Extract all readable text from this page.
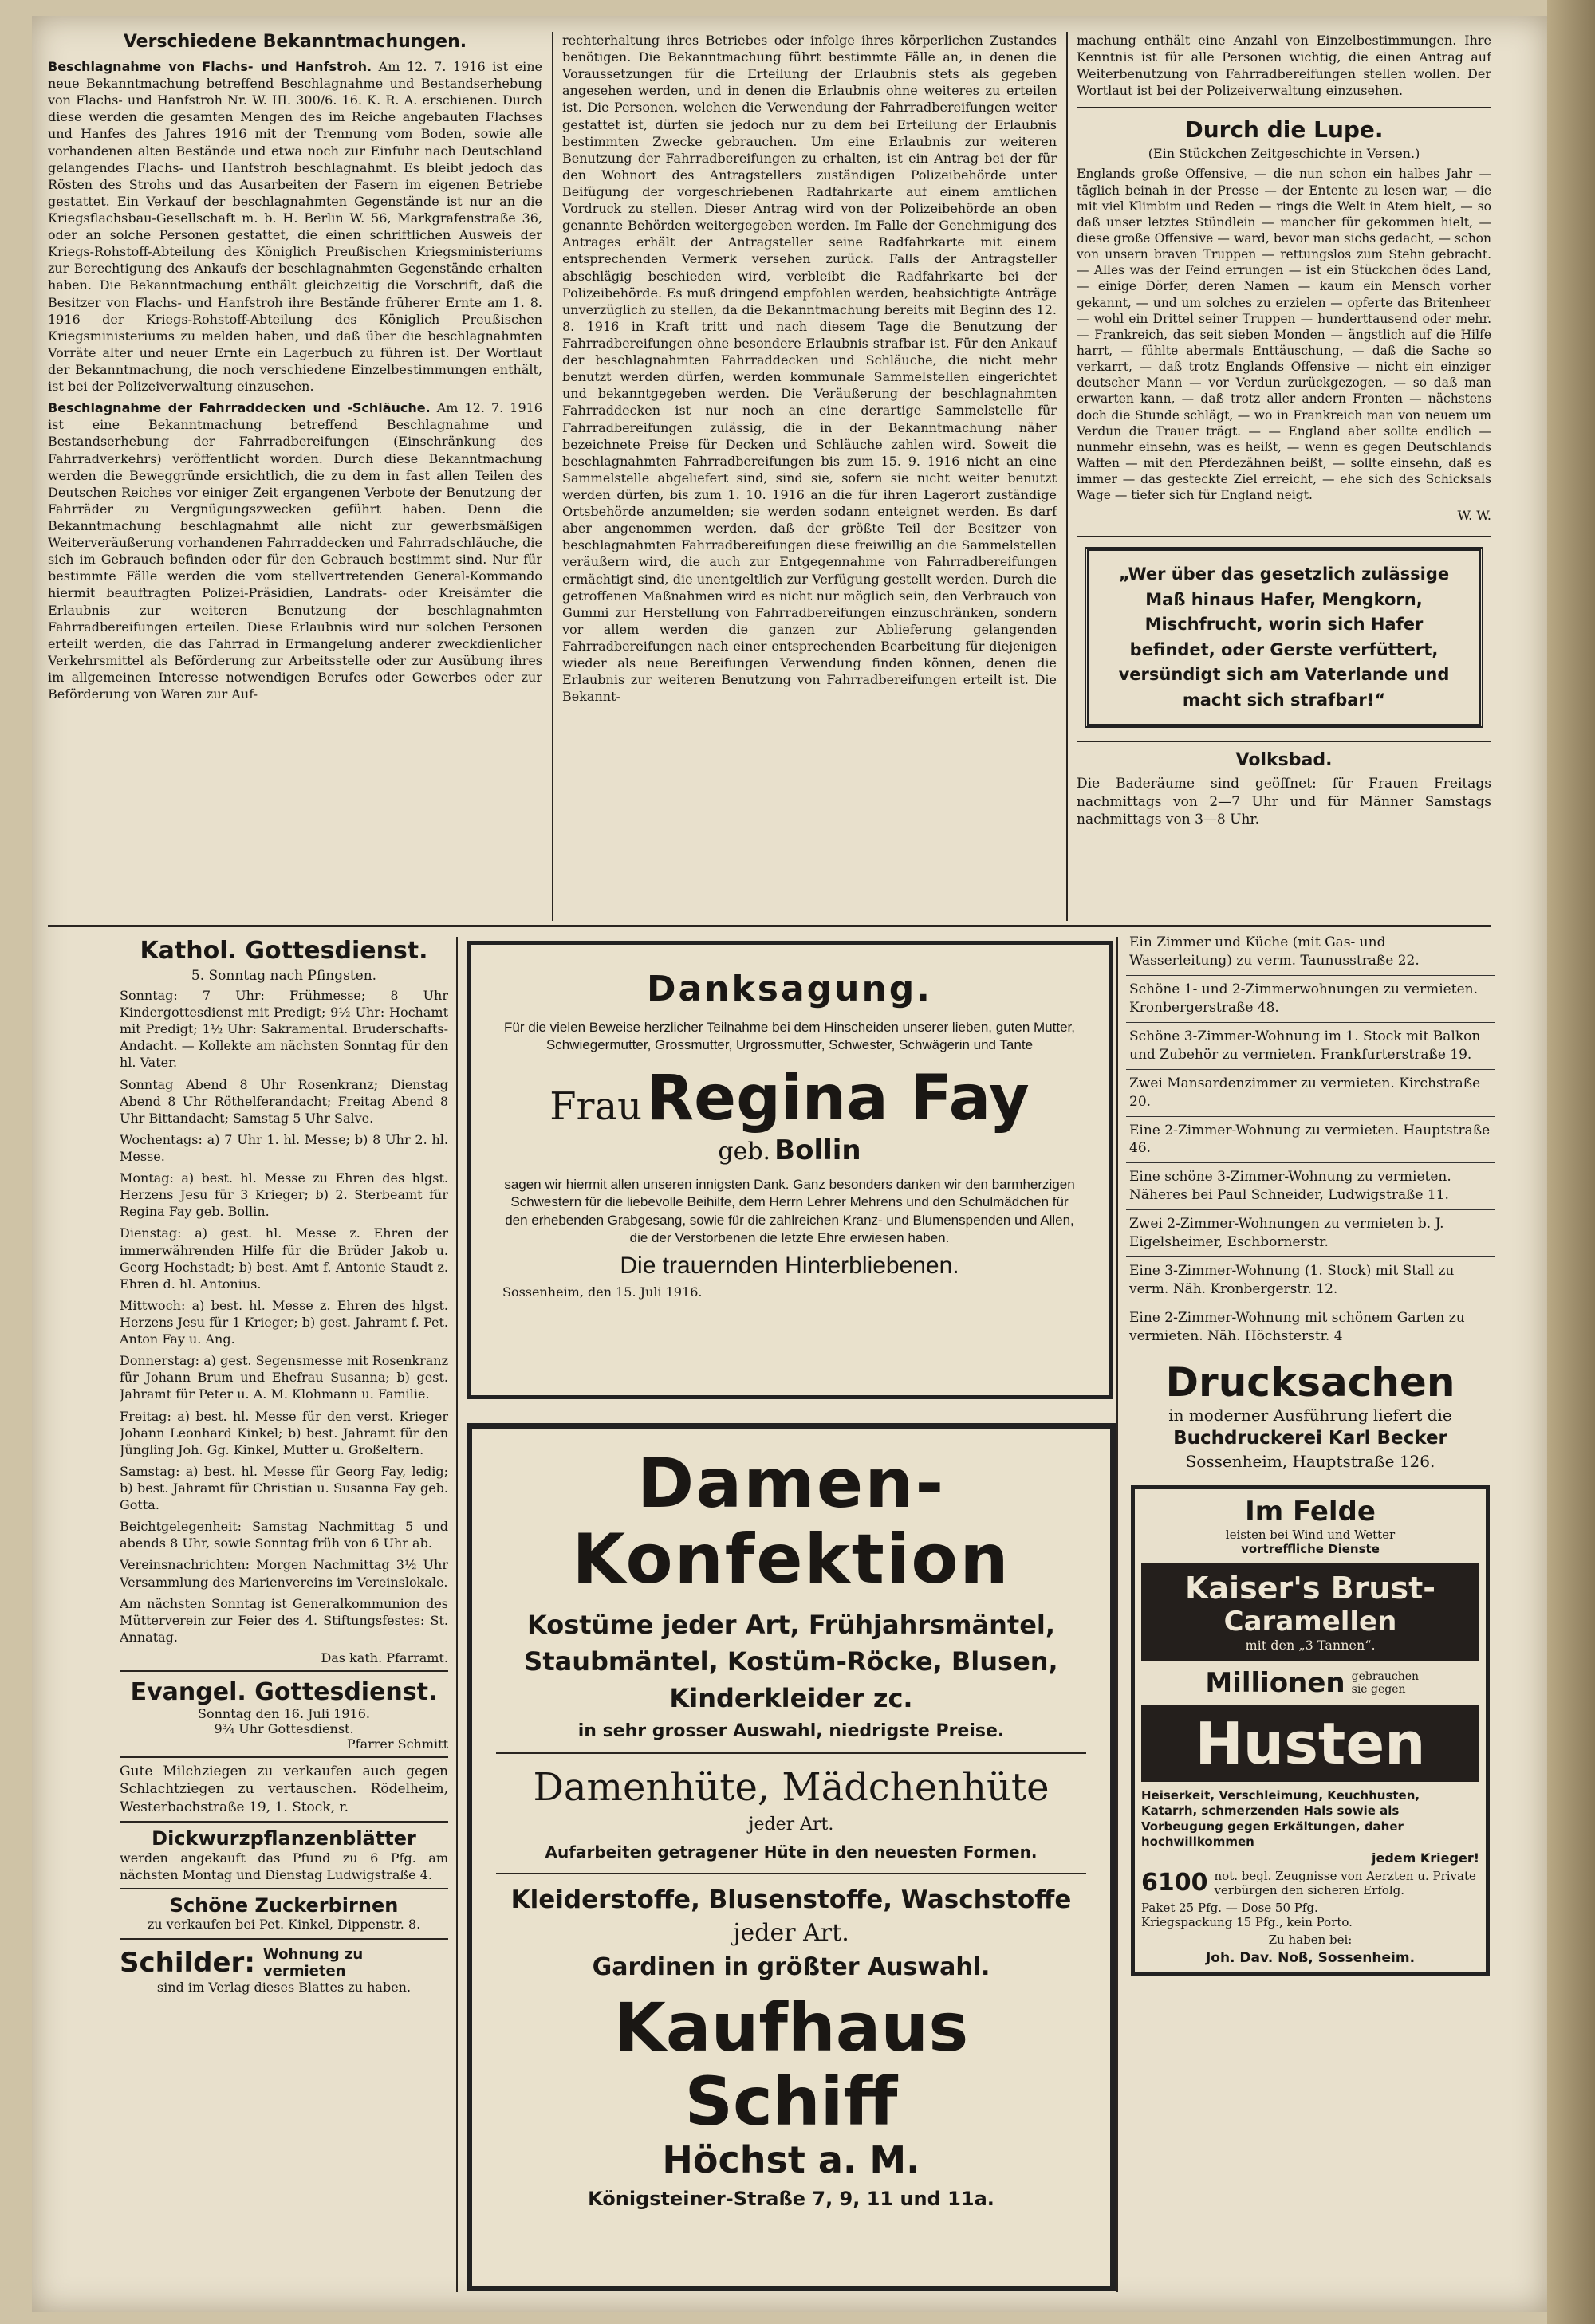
Verschiedene Bekanntmachungen.

Beschlagnahme von Flachs- und Hanfstroh. Am 12. 7. 1916 ist eine neue Bekanntmachung betreffend Beschlagnahme und Bestandserhebung von Flachs- und Hanfstroh Nr. W. III. 300/6. 16. K. R. A. erschienen. Durch diese werden die gesamten Mengen des im Reiche angebauten Flachses und Hanfes des Jahres 1916 mit der Trennung vom Boden, sowie alle vorhandenen alten Bestände und etwa noch zur Einfuhr nach Deutschland gelangendes Flachs- und Hanfstroh beschlagnahmt. Es bleibt jedoch das Rösten des Strohs und das Ausarbeiten der Fasern im eigenen Betriebe gestattet. Ein Verkauf der beschlagnahmten Gegenstände ist nur an die Kriegsflachsbau-Gesellschaft m. b. H. Berlin W. 56, Markgrafenstraße 36, oder an solche Personen gestattet, die einen schriftlichen Ausweis der Kriegs-Rohstoff-Abteilung des Königlich Preußischen Kriegsministeriums zur Berechtigung des Ankaufs der beschlagnahmten Gegenstände erhalten haben. Die Bekanntmachung enthält gleichzeitig die Vorschrift, daß die Besitzer von Flachs- und Hanfstroh ihre Bestände früherer Ernte am 1. 8. 1916 der Kriegs-Rohstoff-Abteilung des Königlich Preußischen Kriegsministeriums zu melden haben, und daß über die beschlagnahmten Vorräte alter und neuer Ernte ein Lagerbuch zu führen ist. Der Wortlaut der Bekanntmachung, die noch verschiedene Einzelbestimmungen enthält, ist bei der Polizeiverwaltung einzusehen.

Beschlagnahme der Fahrraddecken und -Schläuche. Am 12. 7. 1916 ist eine Bekanntmachung betreffend Beschlagnahme und Bestandserhebung der Fahrradbereifungen (Einschränkung des Fahrradverkehrs) veröffentlicht worden. Durch diese Bekanntmachung werden die Beweggründe ersichtlich, die zu dem in fast allen Teilen des Deutschen Reiches vor einiger Zeit ergangenen Verbote der Benutzung der Fahrräder zu Vergnügungszwecken geführt haben. Denn die Bekanntmachung beschlagnahmt alle nicht zur gewerbsmäßigen Weiterveräußerung vorhandenen Fahrraddecken und Fahrradschläuche, die sich im Gebrauch befinden oder für den Gebrauch bestimmt sind. Nur für bestimmte Fälle werden die vom stellvertretenden General-Kommando hiermit beauftragten Polizei-Präsidien, Landrats- oder Kreisämter die Erlaubnis zur weiteren Benutzung der beschlagnahmten Fahrradbereifungen erteilen. Diese Erlaubnis wird nur solchen Personen erteilt werden, die das Fahrrad in Ermangelung anderer zweckdienlicher Verkehrsmittel als Beförderung zur Arbeitsstelle oder zur Ausübung ihres im allgemeinen Interesse notwendigen Berufes oder Gewerbes oder zur Beförderung von Waren zur Auf-

rechterhaltung ihres Betriebes oder infolge ihres körperlichen Zustandes benötigen. Die Bekanntmachung führt bestimmte Fälle an, in denen die Voraussetzungen für die Erteilung der Erlaubnis stets als gegeben angesehen werden, und in denen die Erlaubnis ohne weiteres zu erteilen ist. Die Personen, welchen die Verwendung der Fahrradbereifungen weiter gestattet ist, dürfen sie jedoch nur zu dem bei Erteilung der Erlaubnis bestimmten Zwecke gebrauchen. Um eine Erlaubnis zur weiteren Benutzung der Fahrradbereifungen zu erhalten, ist ein Antrag bei der für den Wohnort des Antragstellers zuständigen Polizeibehörde unter Beifügung der vorgeschriebenen Radfahrkarte auf einem amtlichen Vordruck zu stellen. Dieser Antrag wird von der Polizeibehörde an oben genannte Behörden weitergegeben werden. Im Falle der Genehmigung des Antrages erhält der Antragsteller seine Radfahrkarte mit einem entsprechenden Vermerk versehen zurück. Falls der Antragsteller abschlägig beschieden wird, verbleibt die Radfahrkarte bei der Polizeibehörde. Es muß dringend empfohlen werden, beabsichtigte Anträge unverzüglich zu stellen, da die Bekanntmachung bereits mit Beginn des 12. 8. 1916 in Kraft tritt und nach diesem Tage die Benutzung der Fahrradbereifungen ohne besondere Erlaubnis strafbar ist. Für den Ankauf der beschlagnahmten Fahrraddecken und Schläuche, die nicht mehr benutzt werden dürfen, werden kommunale Sammelstellen eingerichtet und bekanntgegeben werden. Die Veräußerung der beschlagnahmten Fahrraddecken ist nur noch an eine derartige Sammelstelle für Fahrradbereifungen zulässig, die in der Bekanntmachung näher bezeichnete Preise für Decken und Schläuche zahlen wird. Soweit die beschlagnahmten Fahrradbereifungen bis zum 15. 9. 1916 nicht an eine Sammelstelle abgeliefert sind, sind sie, sofern sie nicht weiter benutzt werden dürfen, bis zum 1. 10. 1916 an die für ihren Lagerort zuständige Ortsbehörde anzumelden; sie werden sodann enteignet werden. Es darf aber angenommen werden, daß der größte Teil der Besitzer von beschlagnahmten Fahrradbereifungen diese freiwillig an die Sammelstellen veräußern wird, die auch zur Entgegennahme von Fahrradbereifungen ermächtigt sind, die unentgeltlich zur Verfügung gestellt werden. Durch die getroffenen Maßnahmen wird es nicht nur möglich sein, den Verbrauch von Gummi zur Herstellung von Fahrradbereifungen einzuschränken, sondern vor allem werden die ganzen zur Ablieferung gelangenden Fahrradbereifungen nach einer entsprechenden Bearbeitung für diejenigen wieder als neue Bereifungen Verwendung finden können, denen die Erlaubnis zur weiteren Benutzung von Fahrradbereifungen erteilt ist. Die Bekannt-

machung enthält eine Anzahl von Einzelbestimmungen. Ihre Kenntnis ist für alle Personen wichtig, die einen Antrag auf Weiterbenutzung von Fahrradbereifungen stellen wollen. Der Wortlaut ist bei der Polizeiverwaltung einzusehen.

Durch die Lupe.
(Ein Stückchen Zeitgeschichte in Versen.)

Englands große Offensive, — die nun schon ein halbes Jahr — täglich beinah in der Presse — der Entente zu lesen war, — die mit viel Klimbim und Reden — rings die Welt in Atem hielt, — so daß unser letztes Stündlein — mancher für gekommen hielt, — diese große Offensive — ward, bevor man sichs gedacht, — schon von unsern braven Truppen — rettungslos zum Stehn gebracht. — Alles was der Feind errungen — ist ein Stückchen ödes Land, — einige Dörfer, deren Namen — kaum ein Mensch vorher gekannt, — und um solches zu erzielen — opferte das Britenheer — wohl ein Drittel seiner Truppen — hunderttausend oder mehr. — Frankreich, das seit sieben Monden — ängstlich auf die Hilfe harrt, — fühlte abermals Enttäuschung, — daß die Sache so verkarrt, — daß trotz Englands Offensive — nicht ein einziger deutscher Mann — vor Verdun zurückgezogen, — so daß man erwarten kann, — daß trotz aller andern Fronten — nächstens doch die Stunde schlägt, — wo in Frankreich man von neuem um Verdun die Trauer trägt. — — England aber sollte endlich — nunmehr einsehn, was es heißt, — wenn es gegen Deutschlands Waffen — mit den Pferdezähnen beißt, — sollte einsehn, daß es immer — das gesteckte Ziel erreicht, — ehe sich des Schicksals Wage — tiefer sich für England neigt.

W. W.
„Wer über das gesetzlich zulässige Maß hinaus Hafer, Mengkorn, Mischfrucht, worin sich Hafer befindet, oder Gerste verfüttert, versündigt sich am Vaterlande und macht sich strafbar!“
Volksbad.

Die Baderäume sind geöffnet: für Frauen Freitags nachmittags von 2—7 Uhr und für Männer Samstags nachmittags von 3—8 Uhr.

Kathol. Gottesdienst.
5. Sonntag nach Pfingsten.

Sonntag: 7 Uhr: Frühmesse; 8 Uhr Kindergottesdienst mit Predigt; 9½ Uhr: Hochamt mit Predigt; 1½ Uhr: Sakramental. Bruderschafts-Andacht. — Kollekte am nächsten Sonntag für den hl. Vater.

Sonntag Abend 8 Uhr Rosenkranz; Dienstag Abend 8 Uhr Röthelferandacht; Freitag Abend 8 Uhr Bittandacht; Samstag 5 Uhr Salve.

Wochentags: a) 7 Uhr 1. hl. Messe; b) 8 Uhr 2. hl. Messe.

Montag: a) best. hl. Messe zu Ehren des hlgst. Herzens Jesu für 3 Krieger; b) 2. Sterbeamt für Regina Fay geb. Bollin.

Dienstag: a) gest. hl. Messe z. Ehren der immerwährenden Hilfe für die Brüder Jakob u. Georg Hochstadt; b) best. Amt f. Antonie Staudt z. Ehren d. hl. Antonius.

Mittwoch: a) best. hl. Messe z. Ehren des hlgst. Herzens Jesu für 1 Krieger; b) gest. Jahramt f. Pet. Anton Fay u. Ang.

Donnerstag: a) gest. Segensmesse mit Rosenkranz für Johann Brum und Ehefrau Susanna; b) gest. Jahramt für Peter u. A. M. Klohmann u. Familie.

Freitag: a) best. hl. Messe für den verst. Krieger Johann Leonhard Kinkel; b) best. Jahramt für den Jüngling Joh. Gg. Kinkel, Mutter u. Großeltern.

Samstag: a) best. hl. Messe für Georg Fay, ledig; b) best. Jahramt für Christian u. Susanna Fay geb. Gotta.

Beichtgelegenheit: Samstag Nachmittag 5 und abends 8 Uhr, sowie Sonntag früh von 6 Uhr ab.

Vereinsnachrichten: Morgen Nachmittag 3½ Uhr Versammlung des Marienvereins im Vereinslokale.

Am nächsten Sonntag ist Generalkommunion des Mütterverein zur Feier des 4. Stiftungsfestes: St. Annatag.

Das kath. Pfarramt.
Evangel. Gottesdienst.
Sonntag den 16. Juli 1916.
9¾ Uhr Gottesdienst.
Pfarrer Schmitt

Gute Milchziegen zu verkaufen auch gegen Schlachtziegen zu vertauschen. Rödelheim, Westerbachstraße 19, 1. Stock, r.

Dickwurzpflanzenblätter

werden angekauft das Pfund zu 6 Pfg. am nächsten Montag und Dienstag Ludwigstraße 4.

Schöne Zuckerbirnen
zu verkaufen bei Pet. Kinkel, Dippenstr. 8.
Schilder: Wohnung zu vermieten
sind im Verlag dieses Blattes zu haben.
Danksagung.

Für die vielen Beweise herzlicher Teilnahme bei dem Hinscheiden unserer lieben, guten Mutter, Schwiegermutter, Grossmutter, Urgrossmutter, Schwester, Schwägerin und Tante

Frau Regina Fay
geb. Bollin

sagen wir hiermit allen unseren innigsten Dank. Ganz besonders danken wir den barmherzigen Schwestern für die liebevolle Beihilfe, dem Herrn Lehrer Mehrens und den Schulmädchen für den erhebenden Grabgesang, sowie für die zahlreichen Kranz- und Blumenspenden und Allen, die der Verstorbenen die letzte Ehre erwiesen haben.

Die trauernden Hinterbliebenen.
Sossenheim, den 15. Juli 1916.
Damen-Konfektion
Kostüme jeder Art, Frühjahrsmäntel,
Staubmäntel, Kostüm-Röcke, Blusen,
Kinderkleider zc.
in sehr grosser Auswahl, niedrigste Preise.
Damenhüte, Mädchenhüte
jeder Art.
Aufarbeiten getragener Hüte in den neuesten Formen.
Kleiderstoffe, Blusenstoffe, Waschstoffe
jeder Art.
Gardinen in größter Auswahl.
Kaufhaus Schiff
Höchst a. M.
Königsteiner-Straße 7, 9, 11 und 11a.
Ein Zimmer und Küche (mit Gas- und Wasserleitung) zu verm. Taunusstraße 22.
Schöne 1- und 2-Zimmerwohnungen zu vermieten. Kronbergerstraße 48.
Schöne 3-Zimmer-Wohnung im 1. Stock mit Balkon und Zubehör zu vermieten. Frankfurterstraße 19.
Zwei Mansardenzimmer zu vermieten. Kirchstraße 20.
Eine 2-Zimmer-Wohnung zu vermieten. Hauptstraße 46.
Eine schöne 3-Zimmer-Wohnung zu vermieten. Näheres bei Paul Schneider, Ludwigstraße 11.
Zwei 2-Zimmer-Wohnungen zu vermieten b. J. Eigelsheimer, Eschbornerstr.
Eine 3-Zimmer-Wohnung (1. Stock) mit Stall zu verm. Näh. Kronbergerstr. 12.
Eine 2-Zimmer-Wohnung mit schönem Garten zu vermieten. Näh. Höchsterstr. 4
Drucksachen
in moderner Ausführung liefert die
Buchdruckerei Karl Becker
Sossenheim, Hauptstraße 126.
Im Felde
leisten bei Wind und Wetter
vortreffliche Dienste
Kaiser's Brust-
Caramellen
mit den „3 Tannen“.
Millionen gebrauchen sie gegen
Husten
Heiserkeit, Verschleimung, Keuchhusten, Katarrh, schmerzenden Hals sowie als Vorbeugung gegen Erkältungen, daher hochwillkommen
jedem Krieger!
6100 not. begl. Zeugnisse von Aerzten u. Private verbürgen den sicheren Erfolg.
Paket 25 Pfg. — Dose 50 Pfg.
Kriegspackung 15 Pfg., kein Porto.
Zu haben bei:
Joh. Dav. Noß, Sossenheim.
